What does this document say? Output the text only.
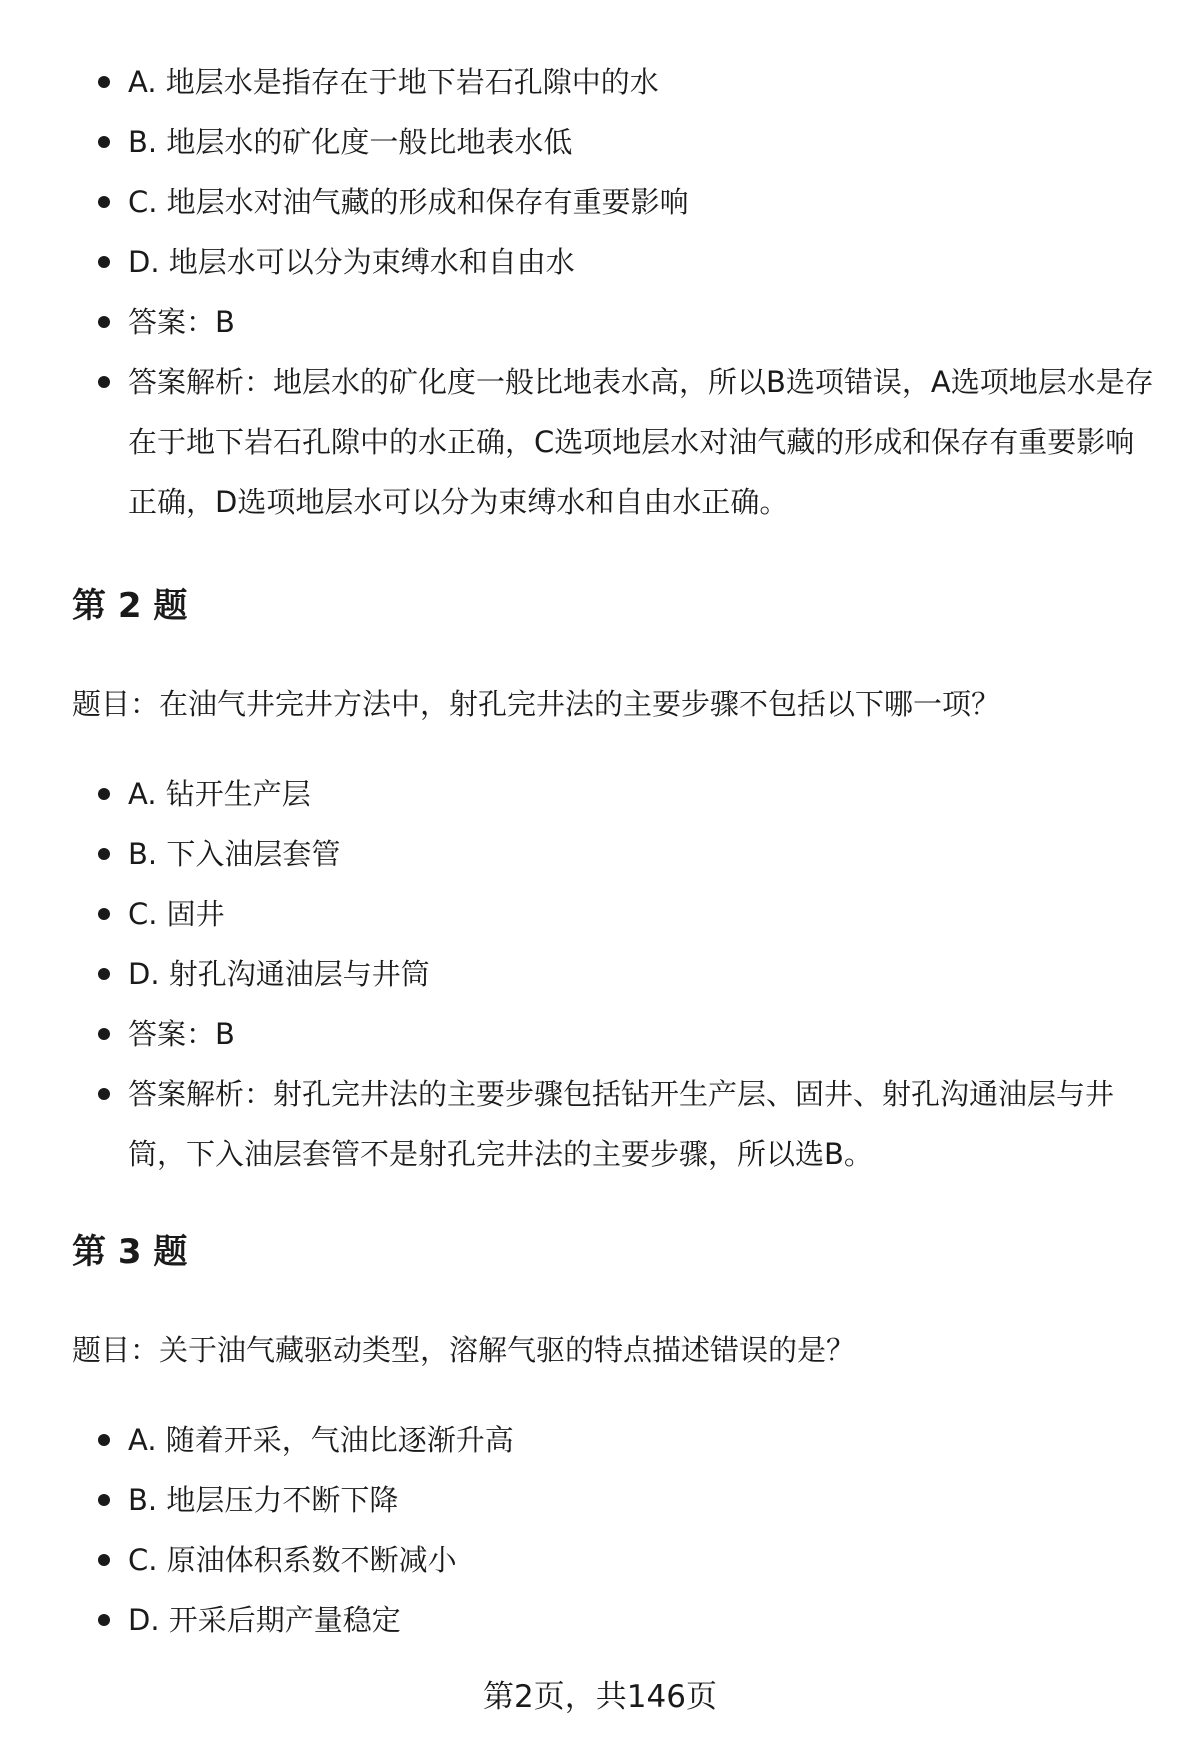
A. 地层水是指存在于地下岩石孔隙中的水
B. 地层水的矿化度一般比地表水低
C. 地层水对油气藏的形成和保存有重要影响
D. 地层水可以分为束缚水和自由水
答案：B
答案解析：地层水的矿化度一般比地表水高，所以B选项错误，A选项地层水是存在于地下岩石孔隙中的水正确，C选项地层水对油气藏的形成和保存有重要影响正确，D选项地层水可以分为束缚水和自由水正确。
第 2 题

题目：在油气井完井方法中，射孔完井法的主要步骤不包括以下哪一项？

A. 钻开生产层
B. 下入油层套管
C. 固井
D. 射孔沟通油层与井筒
答案：B
答案解析：射孔完井法的主要步骤包括钻开生产层、固井、射孔沟通油层与井筒，下入油层套管不是射孔完井法的主要步骤，所以选B。
第 3 题

题目：关于油气藏驱动类型，溶解气驱的特点描述错误的是？

A. 随着开采，气油比逐渐升高
B. 地层压力不断下降
C. 原油体积系数不断减小
D. 开采后期产量稳定
第2页，共146页
